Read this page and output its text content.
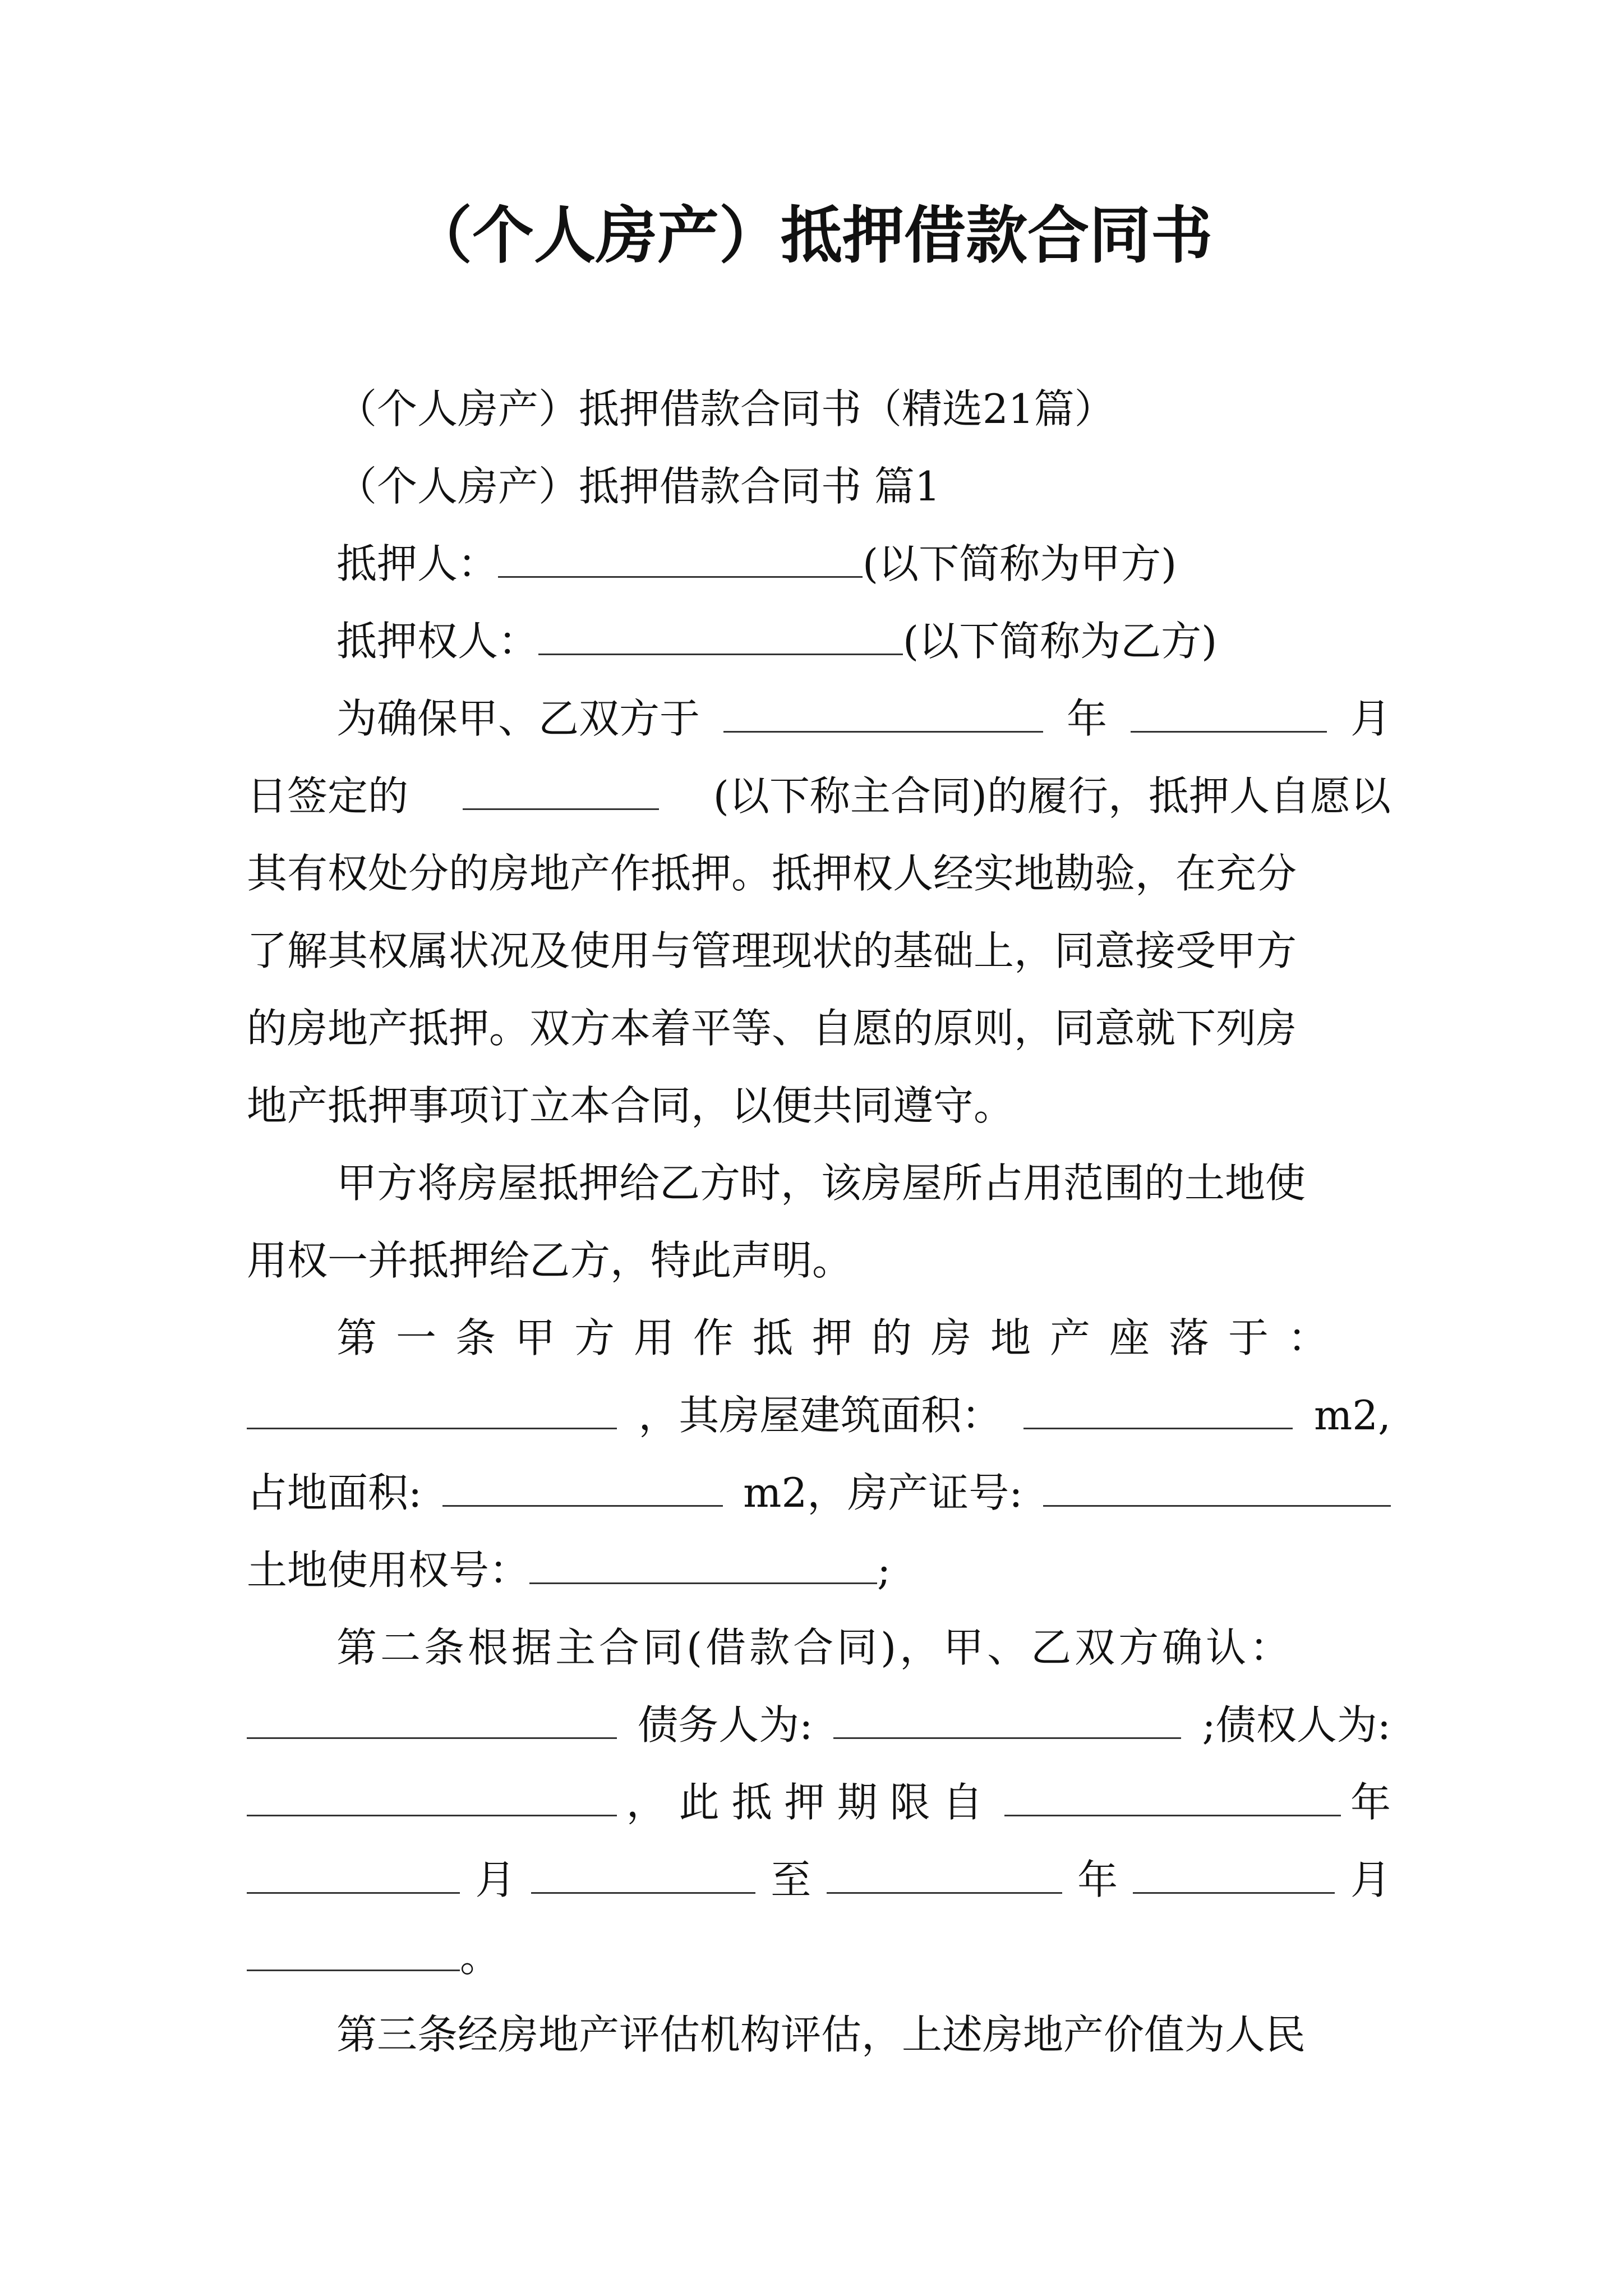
（个人房产）抵押借款合同书
（个人房产）抵押借款合同书（精选21篇）
（个人房产）抵押借款合同书 篇1
抵押人：	(以下简称为甲方)
抵押权人：	(以下简称为乙方)
为确保甲、乙双方于	年	月
日签定的	(以下称主合同)的履行，抵押人自愿以
其有权处分的房地产作抵押。抵押权人经实地勘验，在充分
了解其权属状况及使用与管理现状的基础上，同意接受甲方
的房地产抵押。双方本着平等、自愿的原则，同意就下列房
地产抵押事项订立本合同，以便共同遵守。
甲方将房屋抵押给乙方时，该房屋所占用范围的土地使
用权一并抵押给乙方，特此声明。
第一条甲方用作抵押的房地产座落于：
，其房屋建筑面积：	m2,
占地面积:	m2，房产证号:
土地使用权号：	;
第二条根据主合同(借款合同)，甲、乙双方确认：
债务人为:	;债权人为:
，此抵押期限自	年
月	至	年	月
。
第三条经房地产评估机构评估，上述房地产价值为人民
